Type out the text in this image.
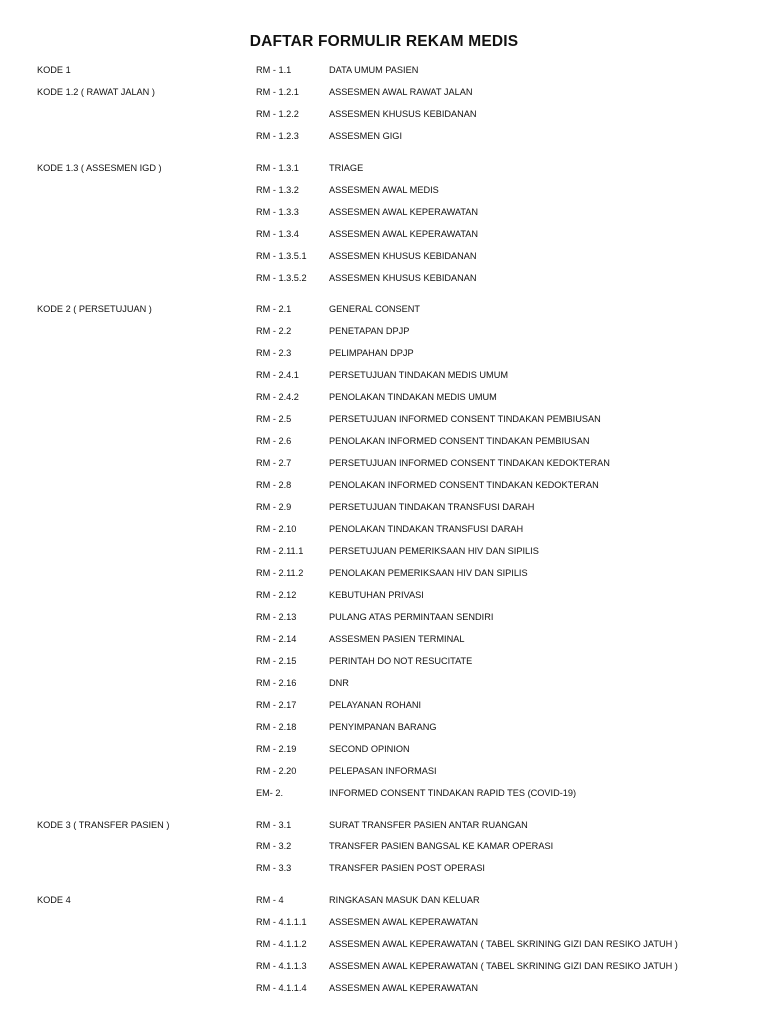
DAFTAR FORMULIR REKAM MEDIS
KODE 1	RM - 1.1	DATA UMUM PASIEN
KODE 1.2 ( RAWAT JALAN )	RM - 1.2.1	ASSESMEN AWAL RAWAT JALAN
RM - 1.2.2	ASSESMEN KHUSUS KEBIDANAN
RM - 1.2.3	ASSESMEN GIGI
KODE 1.3 ( ASSESMEN IGD )	RM - 1.3.1	TRIAGE
RM - 1.3.2	ASSESMEN AWAL MEDIS
RM - 1.3.3	ASSESMEN AWAL KEPERAWATAN
RM - 1.3.4	ASSESMEN AWAL KEPERAWATAN
RM - 1.3.5.1 ASSESMEN KHUSUS KEBIDANAN
RM - 1.3.5.2 ASSESMEN KHUSUS KEBIDANAN
KODE 2 ( PERSETUJUAN )	RM - 2.1	GENERAL CONSENT
RM - 2.2	PENETAPAN DPJP
RM - 2.3	PELIMPAHAN DPJP
RM - 2.4.1	PERSETUJUAN TINDAKAN MEDIS UMUM
RM - 2.4.2	PENOLAKAN TINDAKAN MEDIS UMUM
RM - 2.5	PERSETUJUAN INFORMED CONSENT TINDAKAN PEMBIUSAN
RM - 2.6	PENOLAKAN INFORMED CONSENT TINDAKAN PEMBIUSAN
RM - 2.7	PERSETUJUAN INFORMED CONSENT TINDAKAN KEDOKTERAN
RM - 2.8	PENOLAKAN INFORMED CONSENT TINDAKAN KEDOKTERAN
RM - 2.9	PERSETUJUAN TINDAKAN TRANSFUSI DARAH
RM - 2.10	PENOLAKAN TINDAKAN TRANSFUSI DARAH
RM - 2.11.1	PERSETUJUAN PEMERIKSAAN HIV DAN SIPILIS
RM - 2.11.2	PENOLAKAN PEMERIKSAAN HIV DAN SIPILIS
RM - 2.12	KEBUTUHAN PRIVASI
RM - 2.13	PULANG ATAS PERMINTAAN SENDIRI
RM - 2.14	ASSESMEN PASIEN TERMINAL
RM - 2.15	PERINTAH DO NOT RESUCITATE
RM - 2.16	DNR
RM - 2.17	PELAYANAN ROHANI
RM - 2.18	PENYIMPANAN BARANG
RM - 2.19	SECOND OPINION
RM - 2.20	PELEPASAN INFORMASI
EM- 2.	INFORMED CONSENT TINDAKAN RAPID TES (COVID-19)
KODE 3 ( TRANSFER PASIEN )	RM - 3.1	SURAT TRANSFER PASIEN ANTAR RUANGAN
RM - 3.2	TRANSFER PASIEN BANGSAL KE KAMAR OPERASI
RM - 3.3	TRANSFER PASIEN POST OPERASI
KODE 4	RM - 4	RINGKASAN MASUK DAN KELUAR
RM - 4.1.1.1 ASSESMEN AWAL KEPERAWATAN
RM - 4.1.1.2 ASSESMEN AWAL KEPERAWATAN ( TABEL SKRINING GIZI DAN RESIKO JATUH )
RM - 4.1.1.3 ASSESMEN AWAL KEPERAWATAN ( TABEL SKRINING GIZI DAN RESIKO JATUH )
RM - 4.1.1.4 ASSESMEN AWAL KEPERAWATAN
